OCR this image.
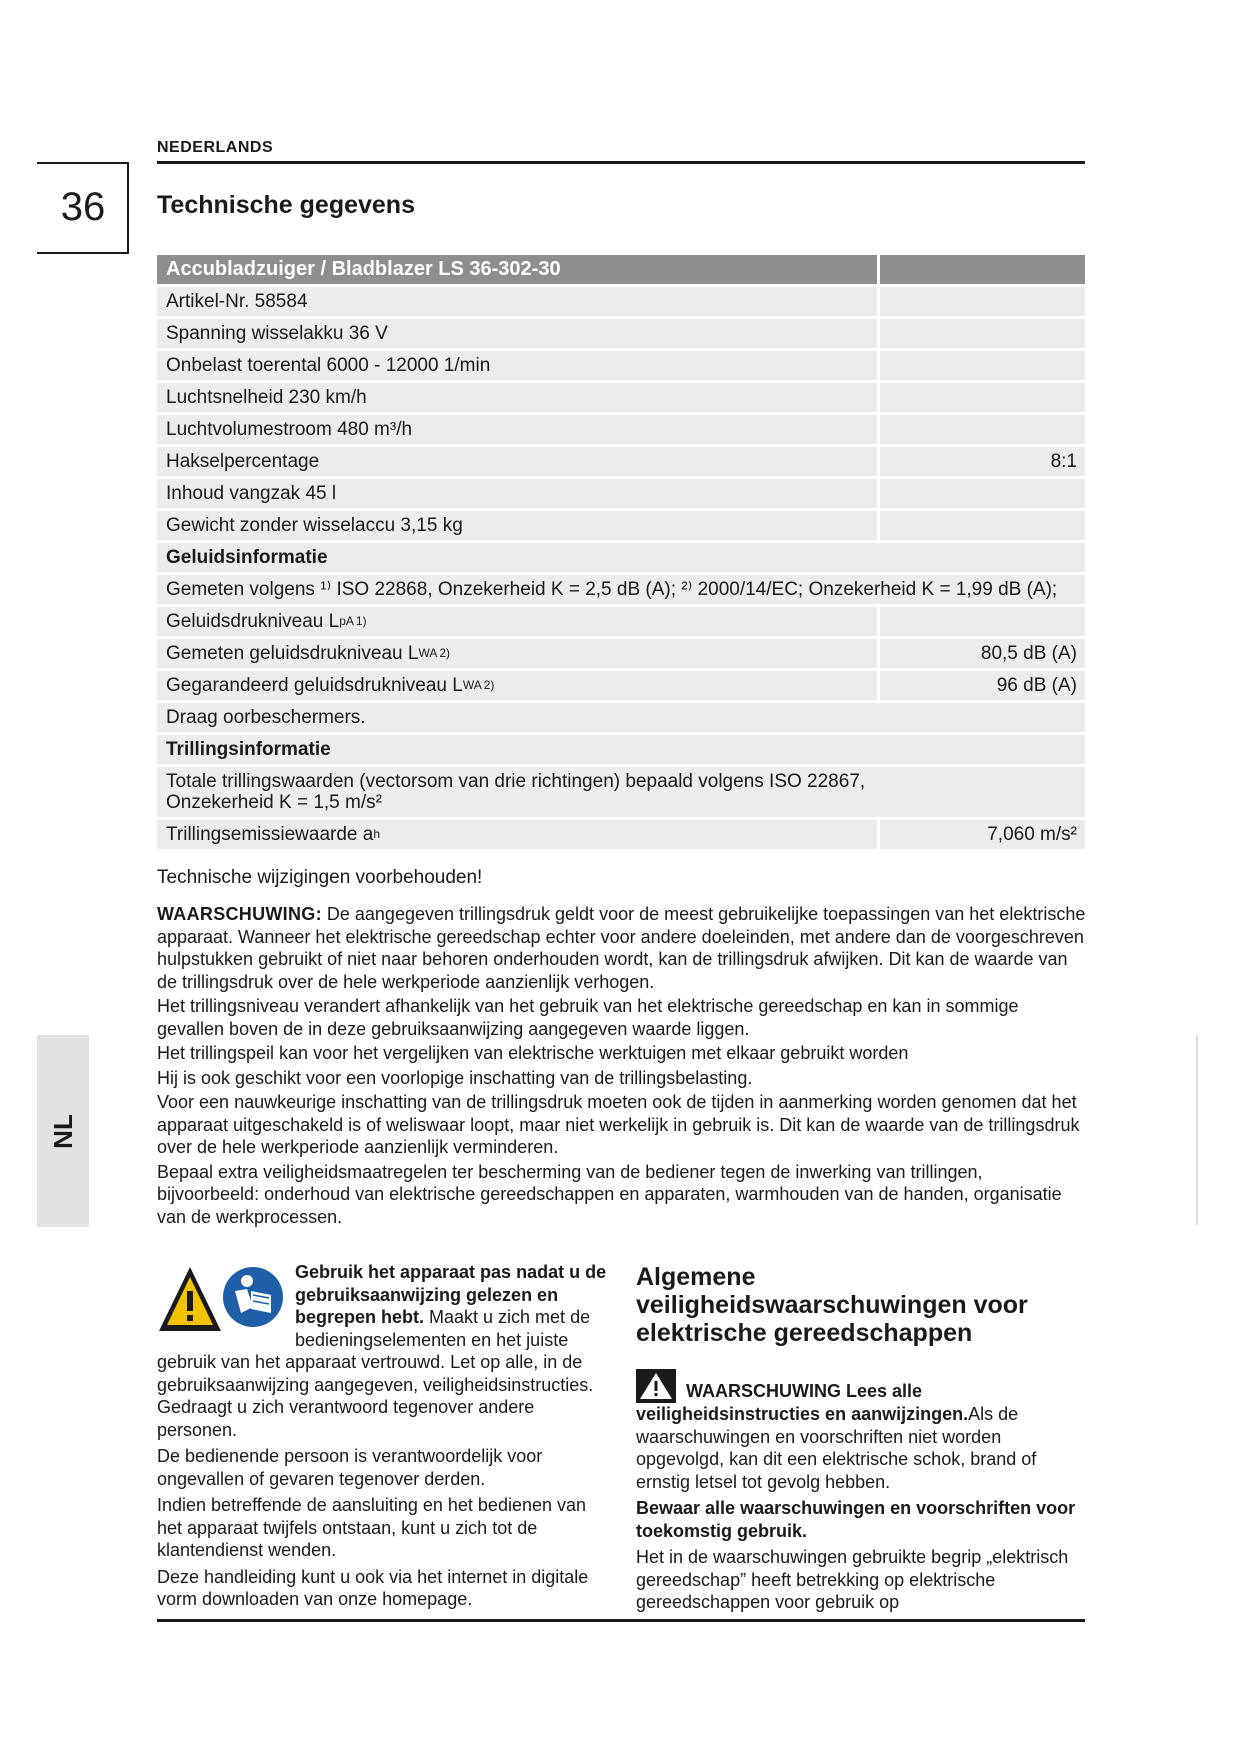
NEDERLANDS
36	Technische gegevens
Accubladzuiger / Bladblazer LS 36-302-30
Artikel-Nr. 58584
Spanning wisselakku 36 V
Onbelast toerental 6000 - 12000 1/min
Luchtsnelheid 230 km/h
Luchtvolumestroom 480 m³/h
Hakselpercentage	8:1
Inhoud vangzak 45 l
Gewicht zonder wisselaccu 3,15 kg
Geluidsinformatie
Gemeten volgens ¹⁾ ISO 22868, Onzekerheid K = 2,5 dB (A); ²⁾ 2000/14/EC; Onzekerheid K = 1,99 dB (A);
Geluidsdrukniveau L pA 1)
Gemeten geluidsdrukniveau L WA 2)	80,5 dB (A)
Gegarandeerd geluidsdrukniveau L WA 2)	96 dB (A)
Draag oorbeschermers.
Trillingsinformatie
Totale trillingswaarden (vectorsom van drie richtingen) bepaald volgens ISO 22867,
Onzekerheid K = 1,5 m/s²
Trillingsemissiewaarde a h	7,060 m/s²
Technische wijzigingen voorbehouden!

WAARSCHUWING: De aangegeven trillingsdruk geldt voor de meest gebruikelijke toepassingen van het elektrische apparaat. Wanneer het elektrische gereedschap echter voor andere doeleinden, met andere dan de voorgeschreven hulpstukken gebruikt of niet naar behoren onderhouden wordt, kan de trillingsdruk afwijken. Dit kan de waarde van de trillingsdruk over de hele werkperiode aanzienlijk verhogen.

Het trillingsniveau verandert afhankelijk van het gebruik van het elektrische gereedschap en kan in sommige gevallen boven de in deze gebruiksaanwijzing aangegeven waarde liggen.

Het trillingspeil kan voor het vergelijken van elektrische werktuigen met elkaar gebruikt worden

Hij is ook geschikt voor een voorlopige inschatting van de trillingsbelasting.

Voor een nauwkeurige inschatting van de trillingsdruk moeten ook de tijden in aanmerking worden genomen dat het apparaat uitgeschakeld is of weliswaar loopt, maar niet werkelijk in gebruik is. Dit kan de waarde van de trillingsdruk over de hele werkperiode aanzienlijk verminderen.

Bepaal extra veiligheidsmaatregelen ter bescherming van de bediener tegen de inwerking van trillingen, bijvoorbeeld: onderhoud van elektrische gereedschappen en apparaten, warmhouden van de handen, organisatie van de werkprocessen.

NL

Gebruik het apparaat pas nadat u de gebruiksaanwijzing gelezen en begrepen hebt. Maakt u zich met de bedieningselementen en het juiste gebruik van het apparaat vertrouwd. Let op alle, in de gebruiksaanwijzing aangegeven, veiligheidsinstructies. Gedraagt u zich verantwoord tegenover andere personen.

De bedienende persoon is verantwoordelijk voor ongevallen of gevaren tegenover derden.

Indien betreffende de aansluiting en het bedienen van het apparaat twijfels ontstaan, kunt u zich tot de klantendienst wenden.

Deze handleiding kunt u ook via het internet in digitale vorm downloaden van onze homepage.

Algemene veiligheidswaarschuwingen voor elektrische gereedschappen

WAARSCHUWING Lees alle veiligheidsinstructies en aanwijzingen.Als de waarschuwingen en voorschriften niet worden opgevolgd, kan dit een elektrische schok, brand of ernstig letsel tot gevolg hebben.

Bewaar alle waarschuwingen en voorschriften voor toekomstig gebruik.

Het in de waarschuwingen gebruikte begrip „elektrisch gereedschap” heeft betrekking op elektrische gereedschappen voor gebruik op
